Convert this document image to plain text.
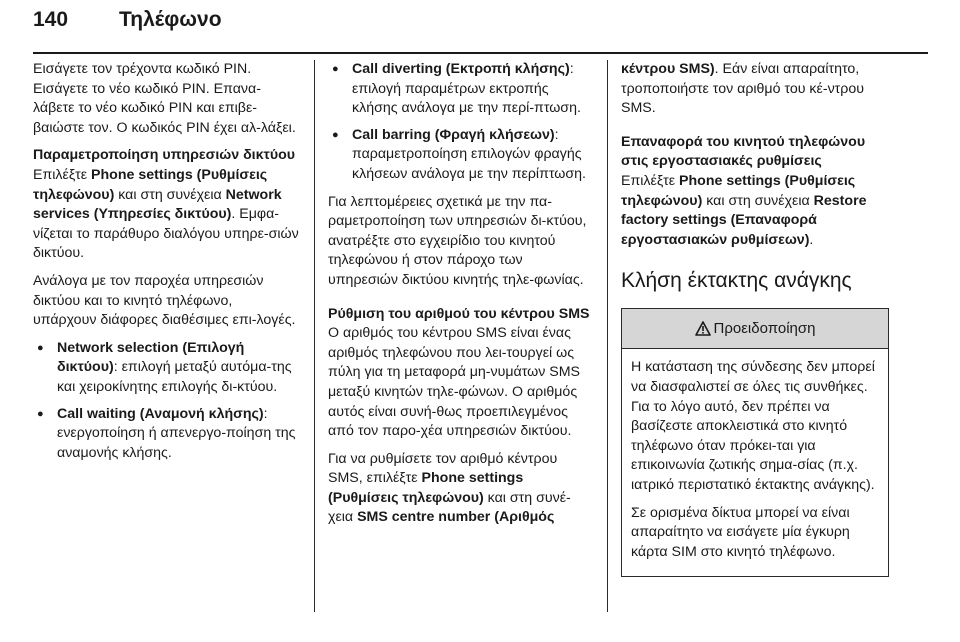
140 Τηλέφωνο

Εισάγετε τον τρέχοντα κωδικό PIN. Εισάγετε το νέο κωδικό PIN. Επανα-λάβετε το νέο κωδικό PIN και επιβε-βαιώστε τον. Ο κωδικός PIN έχει αλ-λάξει.

Παραμετροποίηση υπηρεσιών δικτύου

Επιλέξτε Phone settings (Ρυθμίσεις τηλεφώνου) και στη συνέχεια Network services (Υπηρεσίες δικτύου). Εμφα-νίζεται το παράθυρο διαλόγου υπηρε-σιών δικτύου.

Ανάλογα με τον παροχέα υπηρεσιών δικτύου και το κινητό τηλέφωνο, υπάρχουν διάφορες διαθέσιμες επι-λογές.

● Network selection (Επιλογή δικτύου): επιλογή μεταξύ αυτόμα-της και χειροκίνητης επιλογής δι-κτύου.
● Call waiting (Αναμονή κλήσης): ενεργοποίηση ή απενεργο-ποίηση της αναμονής κλήσης.
● Call diverting (Εκτροπή κλήσης): επιλογή παραμέτρων εκτροπής κλήσης ανάλογα με την περί-πτωση.
● Call barring (Φραγή κλήσεων): παραμετροποίηση επιλογών φραγής κλήσεων ανάλογα με την περίπτωση.

Για λεπτομέρειες σχετικά με την πα-ραμετροποίηση των υπηρεσιών δι-κτύου, ανατρέξτε στο εγχειρίδιο του κινητού τηλεφώνου ή στον πάροχο των υπηρεσιών δικτύου κινητής τηλε-φωνίας.

Ρύθμιση του αριθμού του κέντρου SMS

Ο αριθμός του κέντρου SMS είναι ένας αριθμός τηλεφώνου που λει-τουργεί ως πύλη για τη μεταφορά μη-νυμάτων SMS μεταξύ κινητών τηλε-φώνων. Ο αριθμός αυτός είναι συνή-θως προεπιλεγμένος από τον παρο-χέα υπηρεσιών δικτύου.

Για να ρυθμίσετε τον αριθμό κέντρου SMS, επιλέξτε Phone settings (Ρυθμίσεις τηλεφώνου) και στη συνέ-χεια SMS centre number (Αριθμός

κέντρου SMS). Εάν είναι απαραίτητο, τροποποιήστε τον αριθμό του κέ-ντρου SMS.

Επαναφορά του κινητού τηλεφώνου στις εργοστασιακές ρυθμίσεις

Επιλέξτε Phone settings (Ρυθμίσεις τηλεφώνου) και στη συνέχεια Restore factory settings (Επαναφορά εργοστασιακών ρυθμίσεων).

Κλήση έκτακτης ανάγκης
Προειδοποίηση

Η κατάσταση της σύνδεσης δεν μπορεί να διασφαλιστεί σε όλες τις συνθήκες. Για το λόγο αυτό, δεν πρέπει να βασίζεστε αποκλειστικά στο κινητό τηλέφωνο όταν πρόκει-ται για επικοινωνία ζωτικής σημα-σίας (π.χ. ιατρικό περιστατικό έκτακτης ανάγκης).

Σε ορισμένα δίκτυα μπορεί να είναι απαραίτητο να εισάγετε μία έγκυρη κάρτα SIM στο κινητό τηλέφωνο.
